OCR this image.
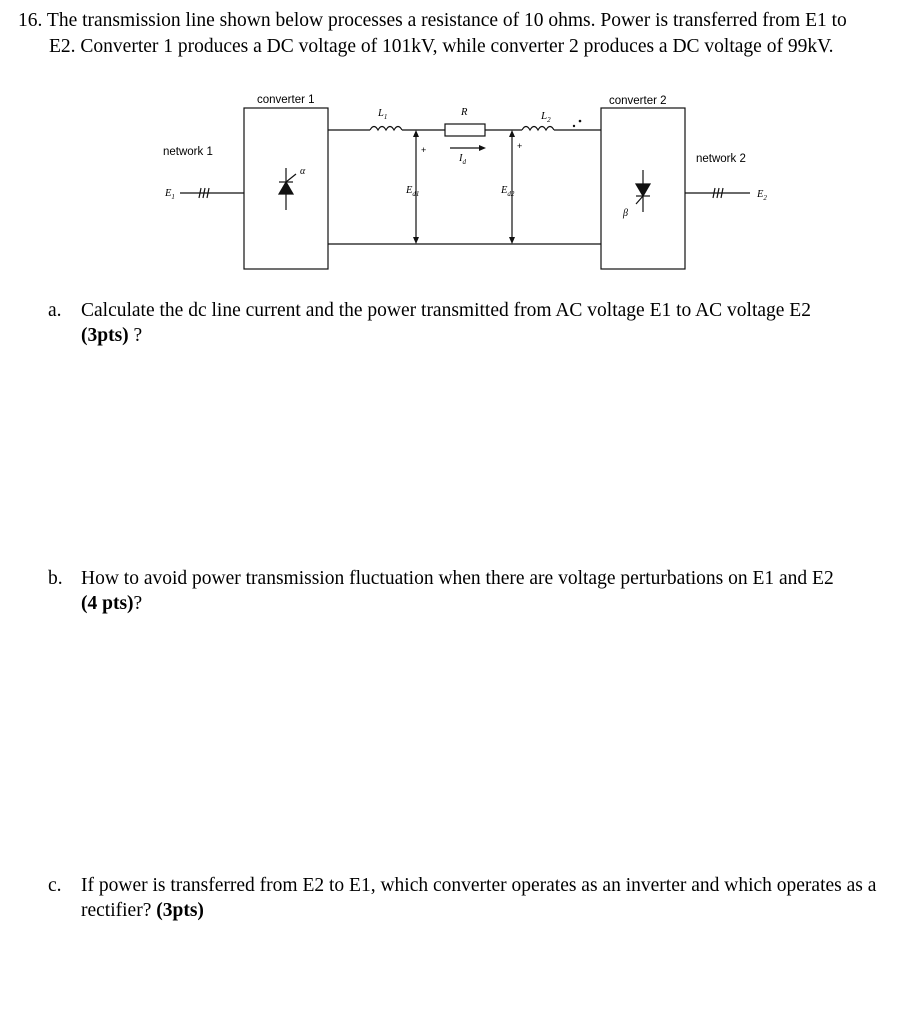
16. The transmission line shown below processes a resistance of 10 ohms. Power is transferred from E1 to
E2. Converter 1 produces a DC voltage of 101kV, while converter 2 produces a DC voltage of 99kV.
converter 1	converter 2
network 1
network 2
$E_1$	$E_2$
$L_1$	$L_2$
R
$I_d$
$E_{d1}$	$E_{d2}$
α
β
+	+
a. Calculate the dc line current and the power transmitted from AC voltage E1 to AC voltage E2
(3pts) ?
b. How to avoid power transmission fluctuation when there are voltage perturbations on E1 and E2
(4 pts)?
c. If power is transferred from E2 to E1, which converter operates as an inverter and which operates as a rectifier? (3pts)
